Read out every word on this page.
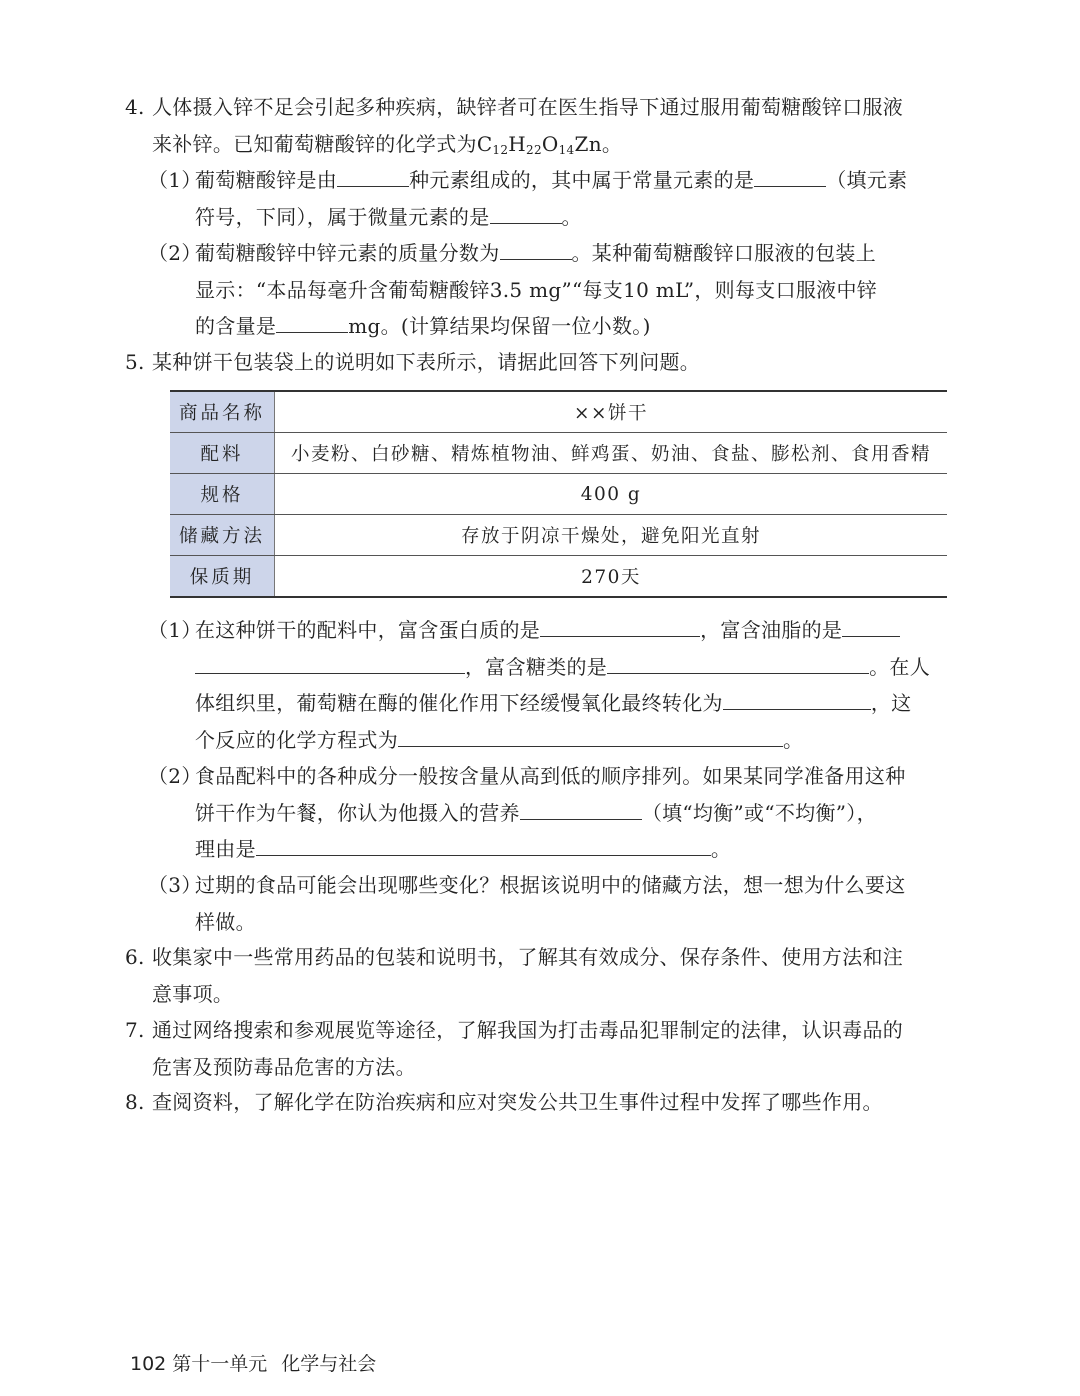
4. 人体摄入锌不足会引起多种疾病，缺锌者可在医生指导下通过服用葡萄糖酸锌口服液
来补锌。已知葡萄糖酸锌的化学式为$C_{12}H_{22}O_{14}Zn$。
（1）
葡萄糖酸锌是由	种元素组成的，其中属于常量元素的是	（填元素
符号，下同），属于微量元素的是	。
（2）
葡萄糖酸锌中锌元素的质量分数为	。某种葡萄糖酸锌口服液的包装上
显示：“本品每毫升含葡萄糖酸锌3.5 mg”“每支10 mL”，则每支口服液中锌
的含量是	mg。(计算结果均保留一位小数。)
5. 某种饼干包装袋上的说明如下表所示，请据此回答下列问题。
商品名称	××饼干
配料	小麦粉、白砂糖、精炼植物油、鲜鸡蛋、奶油、食盐、膨松剂、食用香精
规格	400 g
储藏方法	存放于阴凉干燥处，避免阳光直射
保质期	270天
（1）
在这种饼干的配料中，富含蛋白质的是	，富含油脂的是
，富含糖类的是	。在人
体组织里，葡萄糖在酶的催化作用下经缓慢氧化最终转化为	，这
个反应的化学方程式为	。
（2）
食品配料中的各种成分一般按含量从高到低的顺序排列。如果某同学准备用这种
饼干作为午餐，你认为他摄入的营养	（填“均衡”或“不均衡”），
理由是	。
（3）
过期的食品可能会出现哪些变化？根据该说明中的储藏方法，想一想为什么要这
样做。
6. 收集家中一些常用药品的包装和说明书，了解其有效成分、保存条件、使用方法和注
意事项。
7. 通过网络搜索和参观展览等途径，了解我国为打击毒品犯罪制定的法律，认识毒品的
危害及预防毒品危害的方法。
8. 查阅资料，了解化学在防治疾病和应对突发公共卫生事件过程中发挥了哪些作用。
102 第十一单元 化学与社会
